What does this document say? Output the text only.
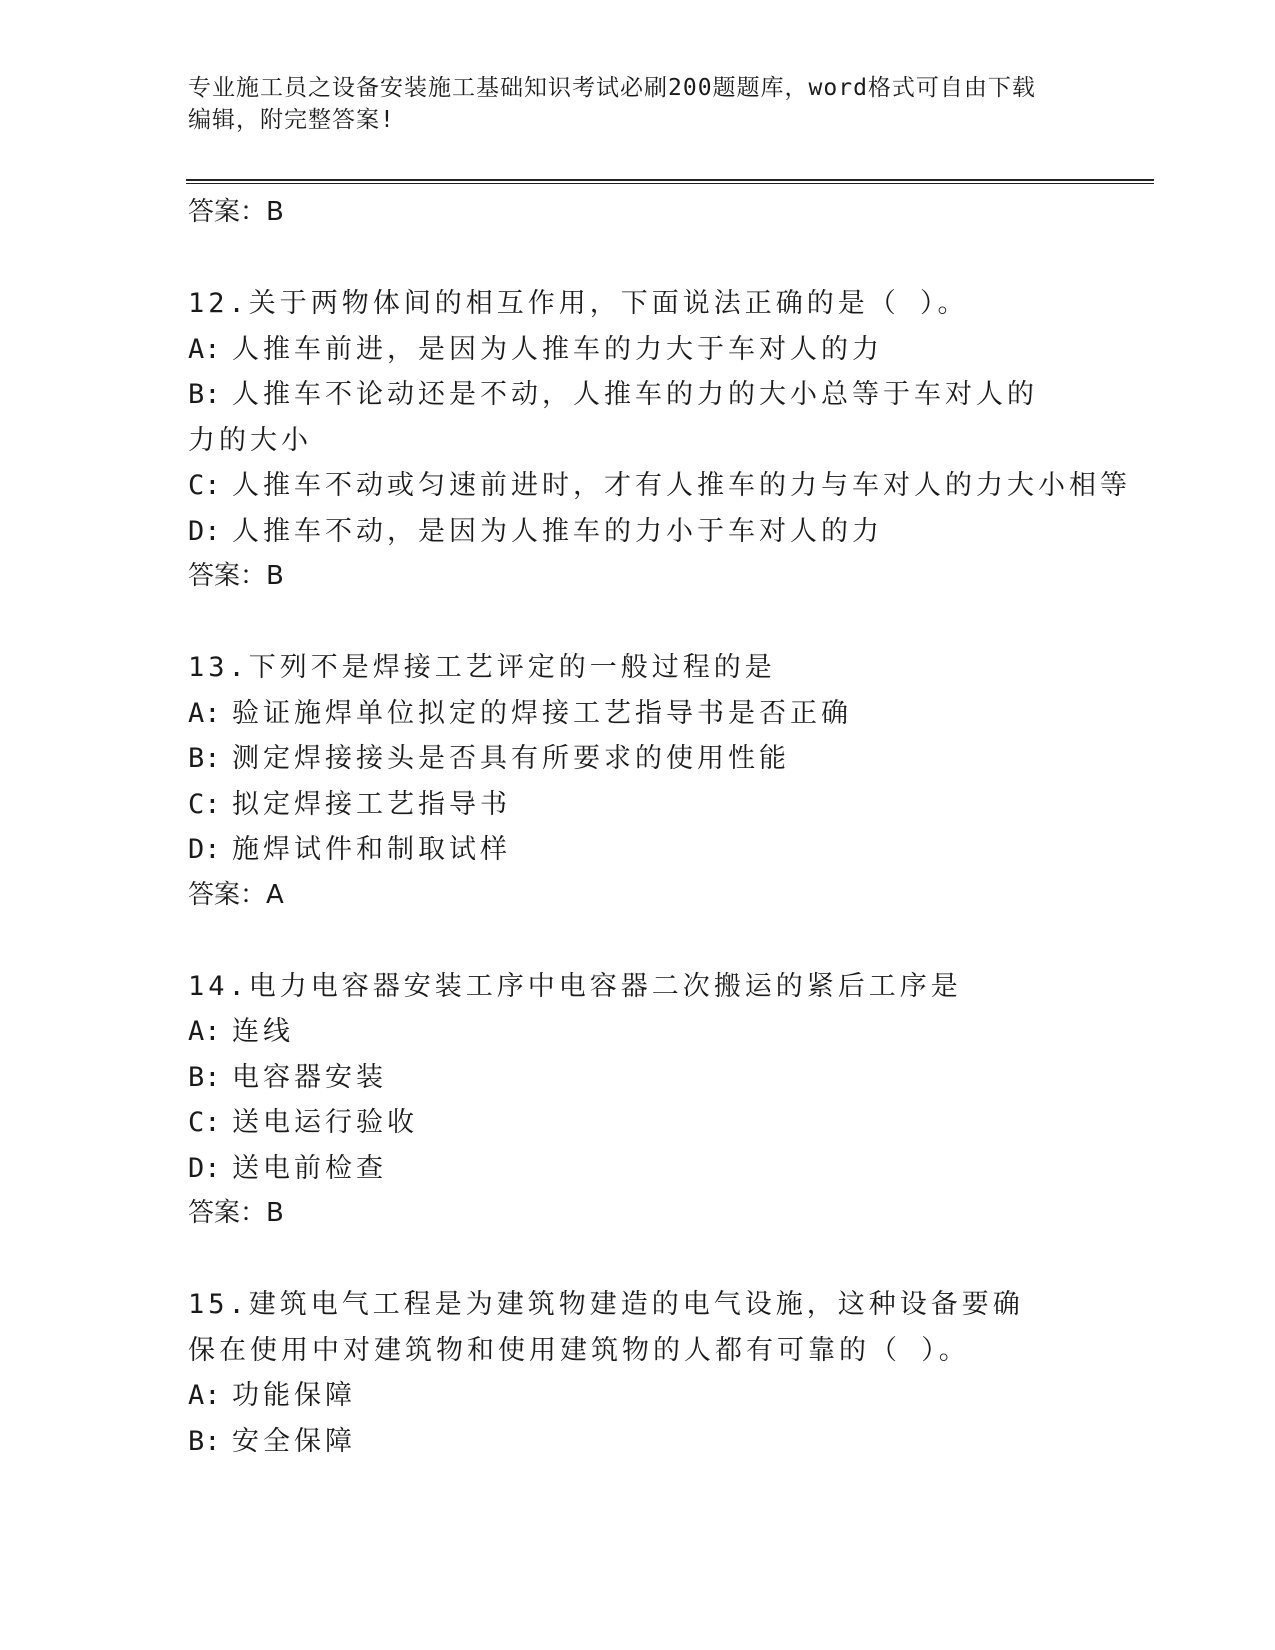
专业施工员之设备安装施工基础知识考试必刷200题题库，word格式可自由下载
编辑，附完整答案!
答案：B
12.关于两物体间的相互作用，下面说法正确的是（ ）。
A: 人推车前进，是因为人推车的力大于车对人的力
B: 人推车不论动还是不动，人推车的力的大小总等于车对人的力的大小
C: 人推车不动或匀速前进时，才有人推车的力与车对人的力大小相等
D: 人推车不动，是因为人推车的力小于车对人的力
答案：B
13.下列不是焊接工艺评定的一般过程的是
A: 验证施焊单位拟定的焊接工艺指导书是否正确
B: 测定焊接接头是否具有所要求的使用性能
C: 拟定焊接工艺指导书
D: 施焊试件和制取试样
答案：A
14.电力电容器安装工序中电容器二次搬运的紧后工序是
A: 连线
B: 电容器安装
C: 送电运行验收
D: 送电前检查
答案：B
15.建筑电气工程是为建筑物建造的电气设施，这种设备要确保在使用中对建筑物和使用建筑物的人都有可靠的（ ）。
A: 功能保障
B: 安全保障
